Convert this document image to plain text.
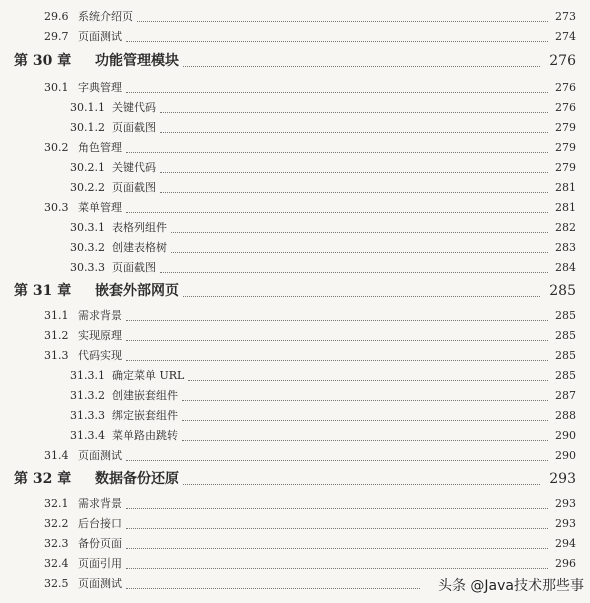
29.6 系统介绍页	273
29.7 页面测试	274
第 30 章 功能管理模块	276
30.1 字典管理	276
30.1.1 关键代码	276
30.1.2 页面截图	279
30.2 角色管理	279
30.2.1 关键代码	279
30.2.2 页面截图	281
30.3 菜单管理	281
30.3.1 表格列组件	282
30.3.2 创建表格树	283
30.3.3 页面截图	284
第 31 章 嵌套外部网页	285
31.1 需求背景	285
31.2 实现原理	285
31.3 代码实现	285
31.3.1 确定菜单 URL	285
31.3.2 创建嵌套组件	287
31.3.3 绑定嵌套组件	288
31.3.4 菜单路由跳转	290
31.4 页面测试	290
第 32 章 数据备份还原	293
32.1 需求背景	293
32.2 后台接口	293
32.3 备份页面	294
32.4 页面引用	296
32.5 页面测试	头条 @Java技术那些事
